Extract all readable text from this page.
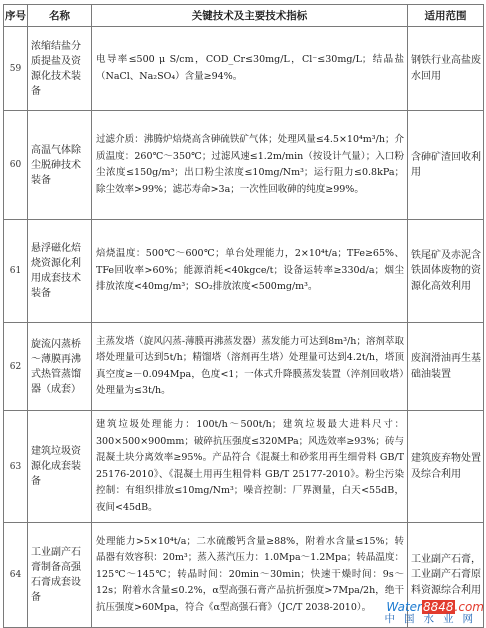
序号	名称	关键技术及主要技术指标	适用范围
59	浓缩结盐分质提盐及资源化技术装备	电导率≤500 μ S/cm，COD_Cr≤30mg/L，Cl⁻≤30mg/L；结晶盐（NaCl、Na₂SO₄）含量≥94%。	钢铁行业高盐废水回用
60	高温气体除尘脱砷技术装备	过滤介质：沸腾炉焙烧高含砷硫铁矿气体；处理风量≤4.5×10⁴m³/h；介质温度：260℃～350℃；过滤风速≤1.2m/min（按设计气量）；入口粉尘浓度≤150g/m³；出口粉尘浓度≤10mg/Nm³；运行阻力≤0.8kPa；除尘效率>99%；滤芯寿命>3a；一次性回收砷的纯度≥99%。	含砷矿渣回收利用
61	悬浮磁化焙烧资源化利用成套技术装备	焙烧温度：500℃～600℃；单台处理能力，2×10⁴t/a；TFe≥65%、TFe回收率>60%；能源消耗<40kgce/t；设备运转率≥330d/a；烟尘排放浓度<40mg/m³；SO₂排放浓度<500mg/m³。	铁尾矿及赤泥含铁固体废物的资源化高效利用
62	旋流闪蒸桥～薄膜再沸式热管蒸馏器（成套）	主蒸发塔（旋风闪蒸-薄膜再沸蒸发器）蒸发能力可达到8m³/h；溶剂萃取塔处理量可达到5t/h；精馏塔（溶剂再生塔）处理量可达到4.2t/h，塔顶真空度≥－0.094Mpa，色度<1；一体式升降膜蒸发装置（淬剂回收塔）处理量为≤3t/h。	废润滑油再生基础油装置
63	建筑垃圾资源化成套装备	建筑垃圾处理能力：100t/h～500t/h；建筑垃圾最大进料尺寸：300×500×900mm；破碎抗压强度≤320MPa；风选效率≥93%；砖与混凝土块分离效率≥95%。产品符合《混凝土和砂浆用再生细骨料 GB/T 25176-2010》、《混凝土用再生粗骨料 GB/T 25177-2010》。粉尘污染控制：有组织排放≤10mg/Nm³；噪音控制：厂界测量，白天<55dB，夜间<45dB。	建筑废弃物处置及综合利用
64	工业副产石膏制备高强石膏成套设备	处理能力>5×10⁴t/a；二水硫酸钙含量≥88%，附着水含量≤15%；转晶器有效容积：20m³；蒸入蒸汽压力：1.0Mpa～1.2Mpa；转晶温度：125℃～145℃；转晶时间：20min～30min；快速干燥时间：9s～12s；附着水含量≤0.2%，α型高强石膏产品抗折强度>7Mpa/2h，绝干抗压强度>60Mpa，符合《α型高强石膏》（JC/T 2038-2010）。	工业副产石膏，工业副产石膏原料资源综合利用
Water8848.com
中国水业网
